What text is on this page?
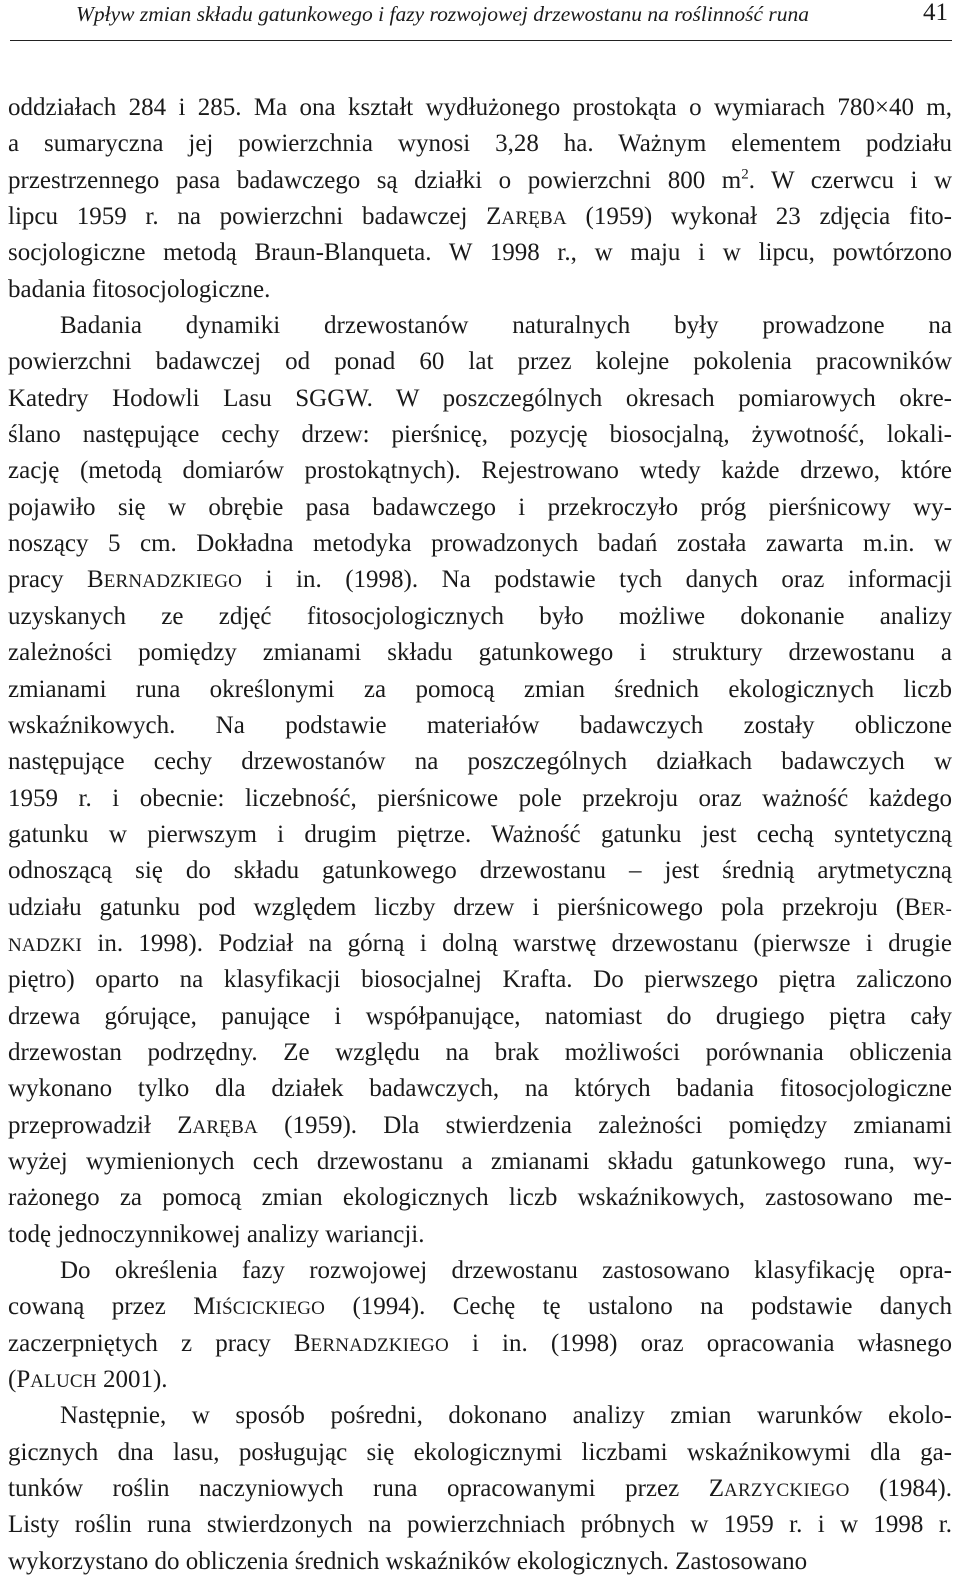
Wpływ zmian składu gatunkowego i fazy rozwojowej drzewostanu na roślinność runa	41
oddziałach 284 i 285. Ma ona kształt wydłużonego prostokąta o wymiarach 780×40 m,
a sumaryczna jej powierzchnia wynosi 3,28 ha. Ważnym elementem podziału
przestrzennego pasa badawczego są działki o powierzchni 800 $m^2$. W czerwcu i w
lipcu 1959 r. na powierzchni badawczej ZARĘBA (1959) wykonał 23 zdjęcia fito-
socjologiczne metodą Braun-Blanqueta. W 1998 r., w maju i w lipcu, powtórzono
badania fitosocjologiczne.
Badania dynamiki drzewostanów naturalnych były prowadzone na
powierzchni badawczej od ponad 60 lat przez kolejne pokolenia pracowników
Katedry Hodowli Lasu SGGW. W poszczególnych okresach pomiarowych okre-
ślano następujące cechy drzew: pierśnicę, pozycję biosocjalną, żywotność, lokali-
zację (metodą domiarów prostokątnych). Rejestrowano wtedy każde drzewo, które
pojawiło się w obrębie pasa badawczego i przekroczyło próg pierśnicowy wy-
noszący 5 cm. Dokładna metodyka prowadzonych badań została zawarta m.in. w
pracy BERNADZKIEGO i in. (1998). Na podstawie tych danych oraz informacji
uzyskanych ze zdjęć fitosocjologicznych było możliwe dokonanie analizy
zależności pomiędzy zmianami składu gatunkowego i struktury drzewostanu a
zmianami runa określonymi za pomocą zmian średnich ekologicznych liczb
wskaźnikowych. Na podstawie materiałów badawczych zostały obliczone
następujące cechy drzewostanów na poszczególnych działkach badawczych w
1959 r. i obecnie: liczebność, pierśnicowe pole przekroju oraz ważność każdego
gatunku w pierwszym i drugim piętrze. Ważność gatunku jest cechą syntetyczną
odnoszącą się do składu gatunkowego drzewostanu – jest średnią arytmetyczną
udziału gatunku pod względem liczby drzew i pierśnicowego pola przekroju (BER-
NADZKI in. 1998). Podział na górną i dolną warstwę drzewostanu (pierwsze i drugie
piętro) oparto na klasyfikacji biosocjalnej Krafta. Do pierwszego piętra zaliczono
drzewa górujące, panujące i współpanujące, natomiast do drugiego piętra cały
drzewostan podrzędny. Ze względu na brak możliwości porównania obliczenia
wykonano tylko dla działek badawczych, na których badania fitosocjologiczne
przeprowadził ZARĘBA (1959). Dla stwierdzenia zależności pomiędzy zmianami
wyżej wymienionych cech drzewostanu a zmianami składu gatunkowego runa, wy-
rażonego za pomocą zmian ekologicznych liczb wskaźnikowych, zastosowano me-
todę jednoczynnikowej analizy wariancji.
Do określenia fazy rozwojowej drzewostanu zastosowano klasyfikację opra-
cowaną przez MIŚCICKIEGO (1994). Cechę tę ustalono na podstawie danych
zaczerpniętych z pracy BERNADZKIEGO i in. (1998) oraz opracowania własnego
(PALUCH 2001).
Następnie, w sposób pośredni, dokonano analizy zmian warunków ekolo-
gicznych dna lasu, posługując się ekologicznymi liczbami wskaźnikowymi dla ga-
tunków roślin naczyniowych runa opracowanymi przez ZARZYCKIEGO (1984).
Listy roślin runa stwierdzonych na powierzchniach próbnych w 1959 r. i w 1998 r.
wykorzystano do obliczenia średnich wskaźników ekologicznych. Zastosowano
